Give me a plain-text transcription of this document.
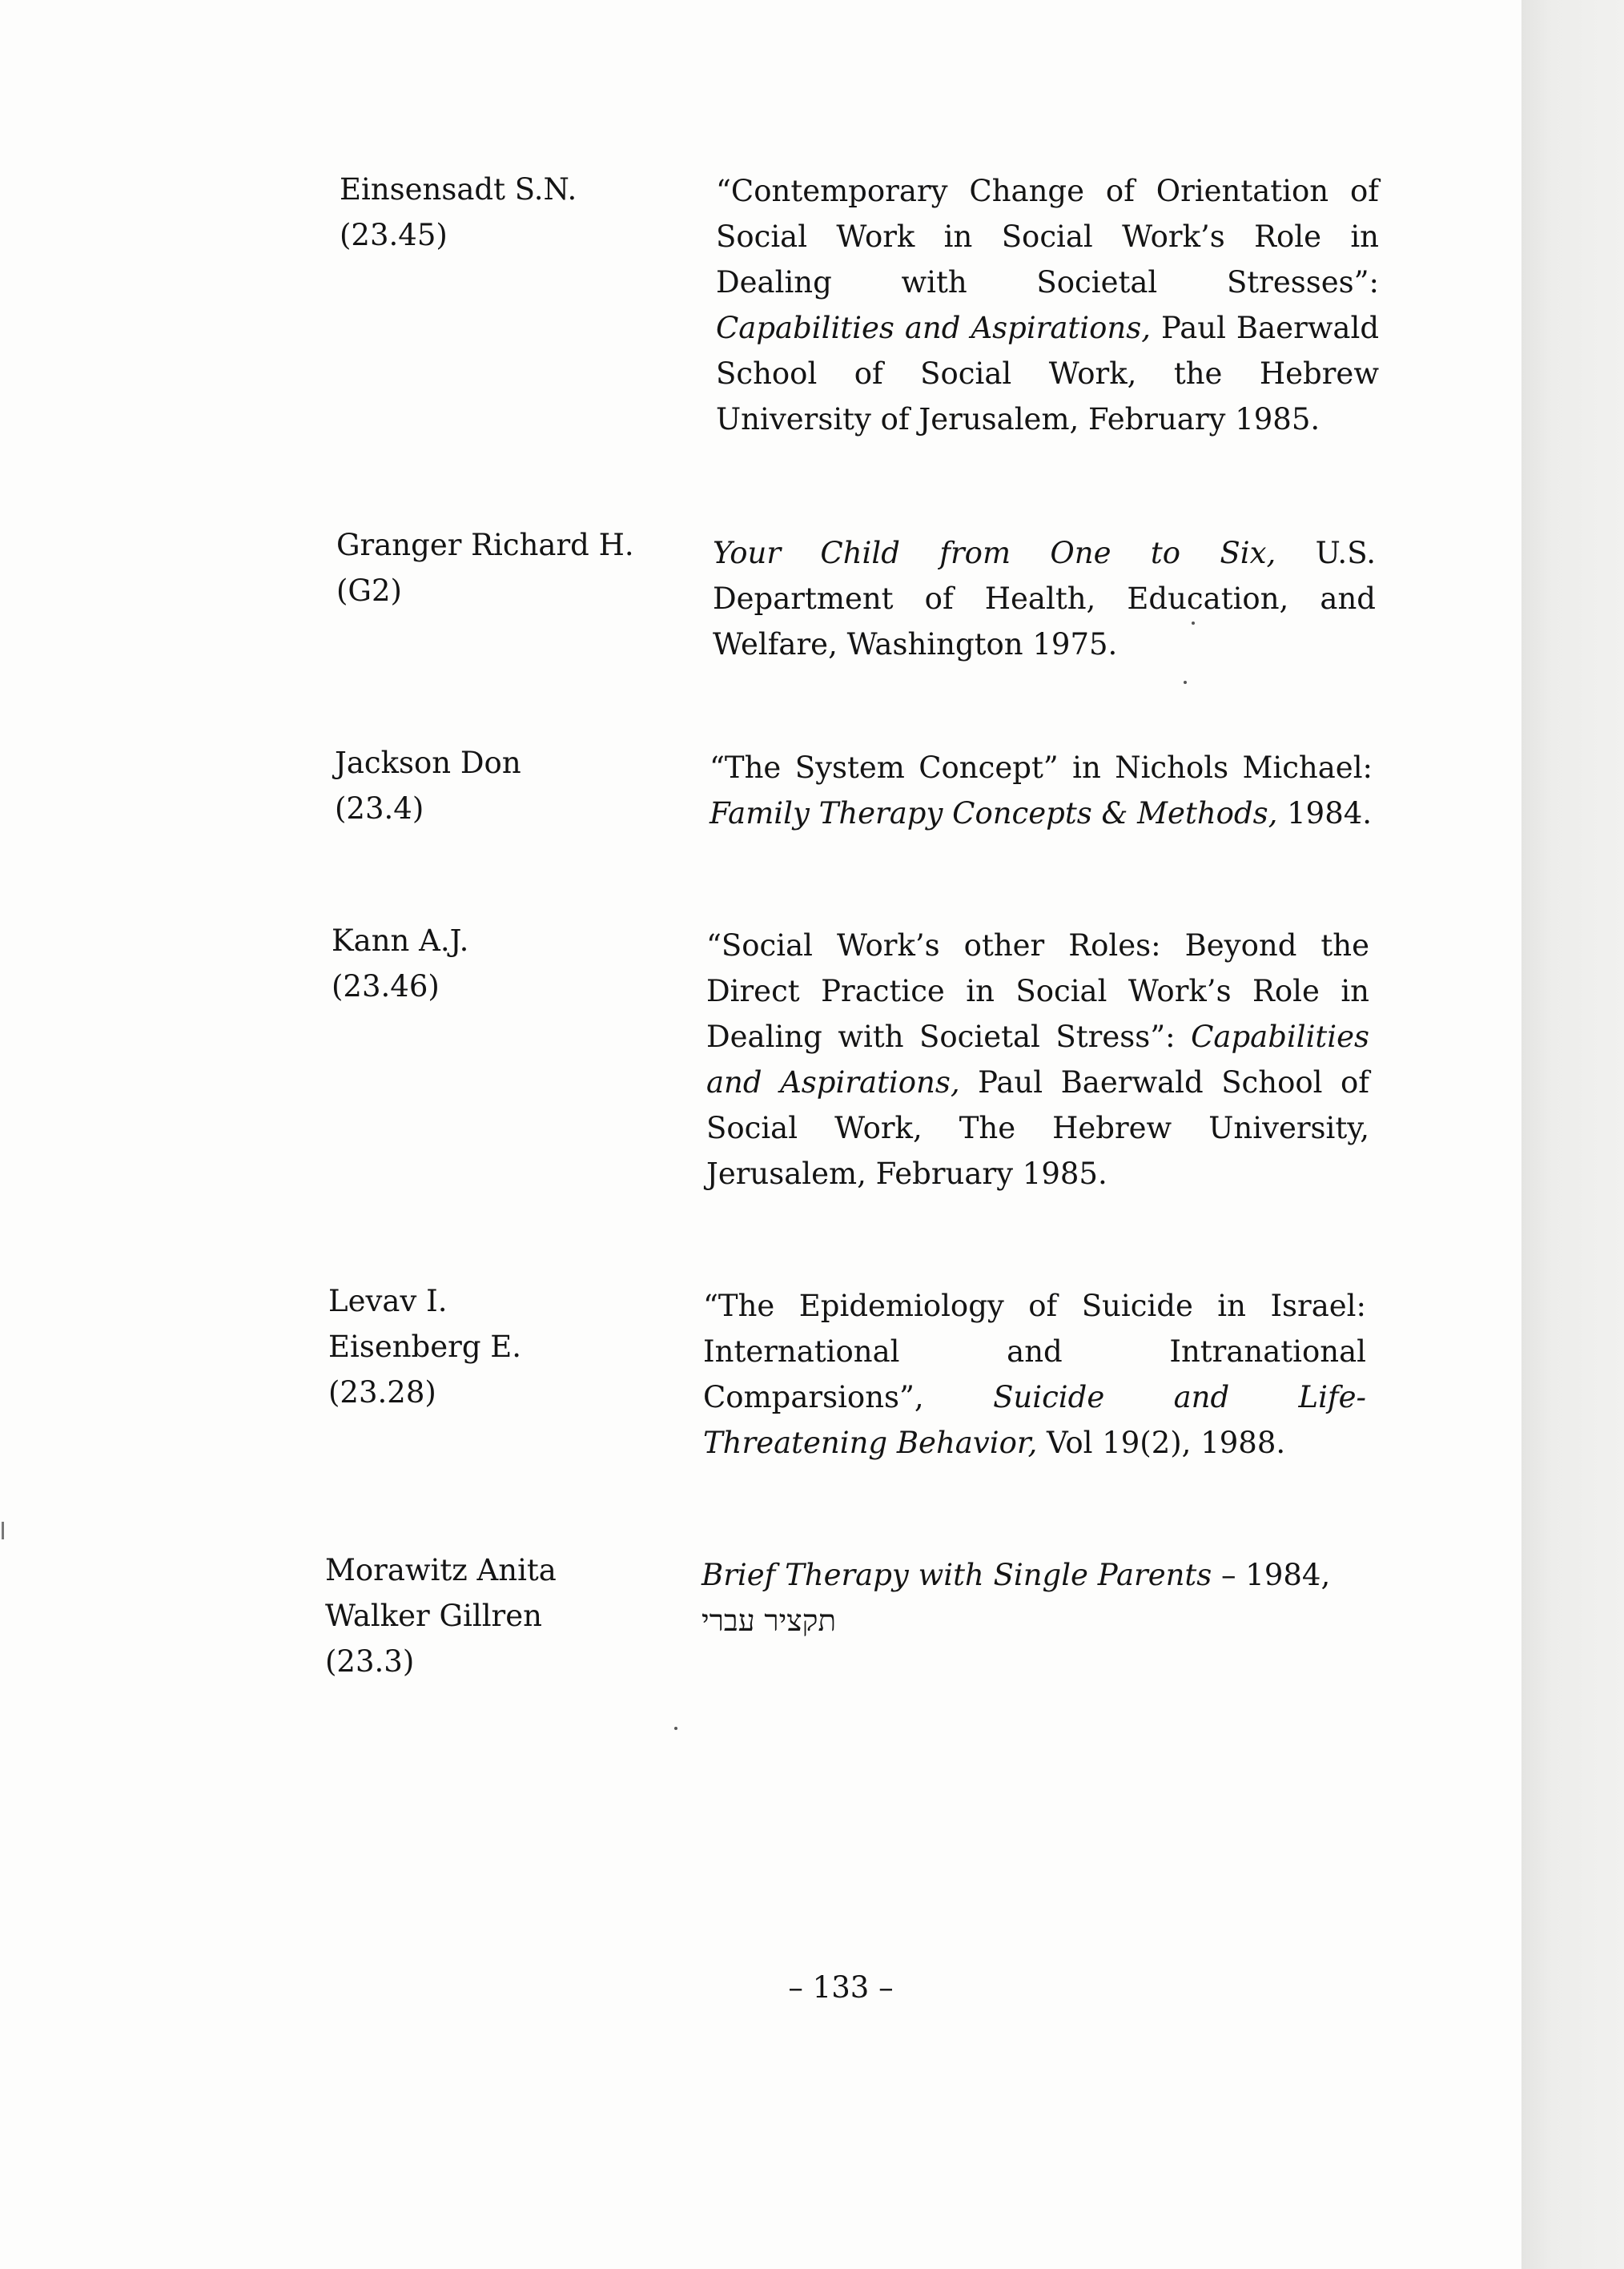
Einsensadt S.N.
(23.45)
“Contemporary Change of Orientation of Social Work in Social Work’s Role in Dealing with Societal Stresses”: Capabilities and Aspirations, Paul Baerwald School of Social Work, the Hebrew University of Jerusalem, February 1985.
Granger Richard H.
(G2)
Your Child from One to Six, U.S. Department of Health, Education, and Welfare, Washington 1975.
Jackson Don
(23.4)
“The System Concept” in Nichols Michael: Family Therapy Concepts & Methods, 1984.
Kann A.J.
(23.46)
“Social Work’s other Roles: Beyond the Direct Practice in Social Work’s Role in Dealing with Societal Stress”: Capabilities and Aspirations, Paul Baerwald School of Social Work, The Hebrew University, Jerusalem, February 1985.
Levav I.
Eisenberg E.
(23.28)
“The Epidemiology of Suicide in Israel: International and Intranational Comparsions”, Suicide and Life-Threatening Behavior, Vol 19(2), 1988.
Morawitz Anita
Walker Gillren
(23.3)
Brief Therapy with Single Parents – 1984,
תקציר עברי
– 133 –
